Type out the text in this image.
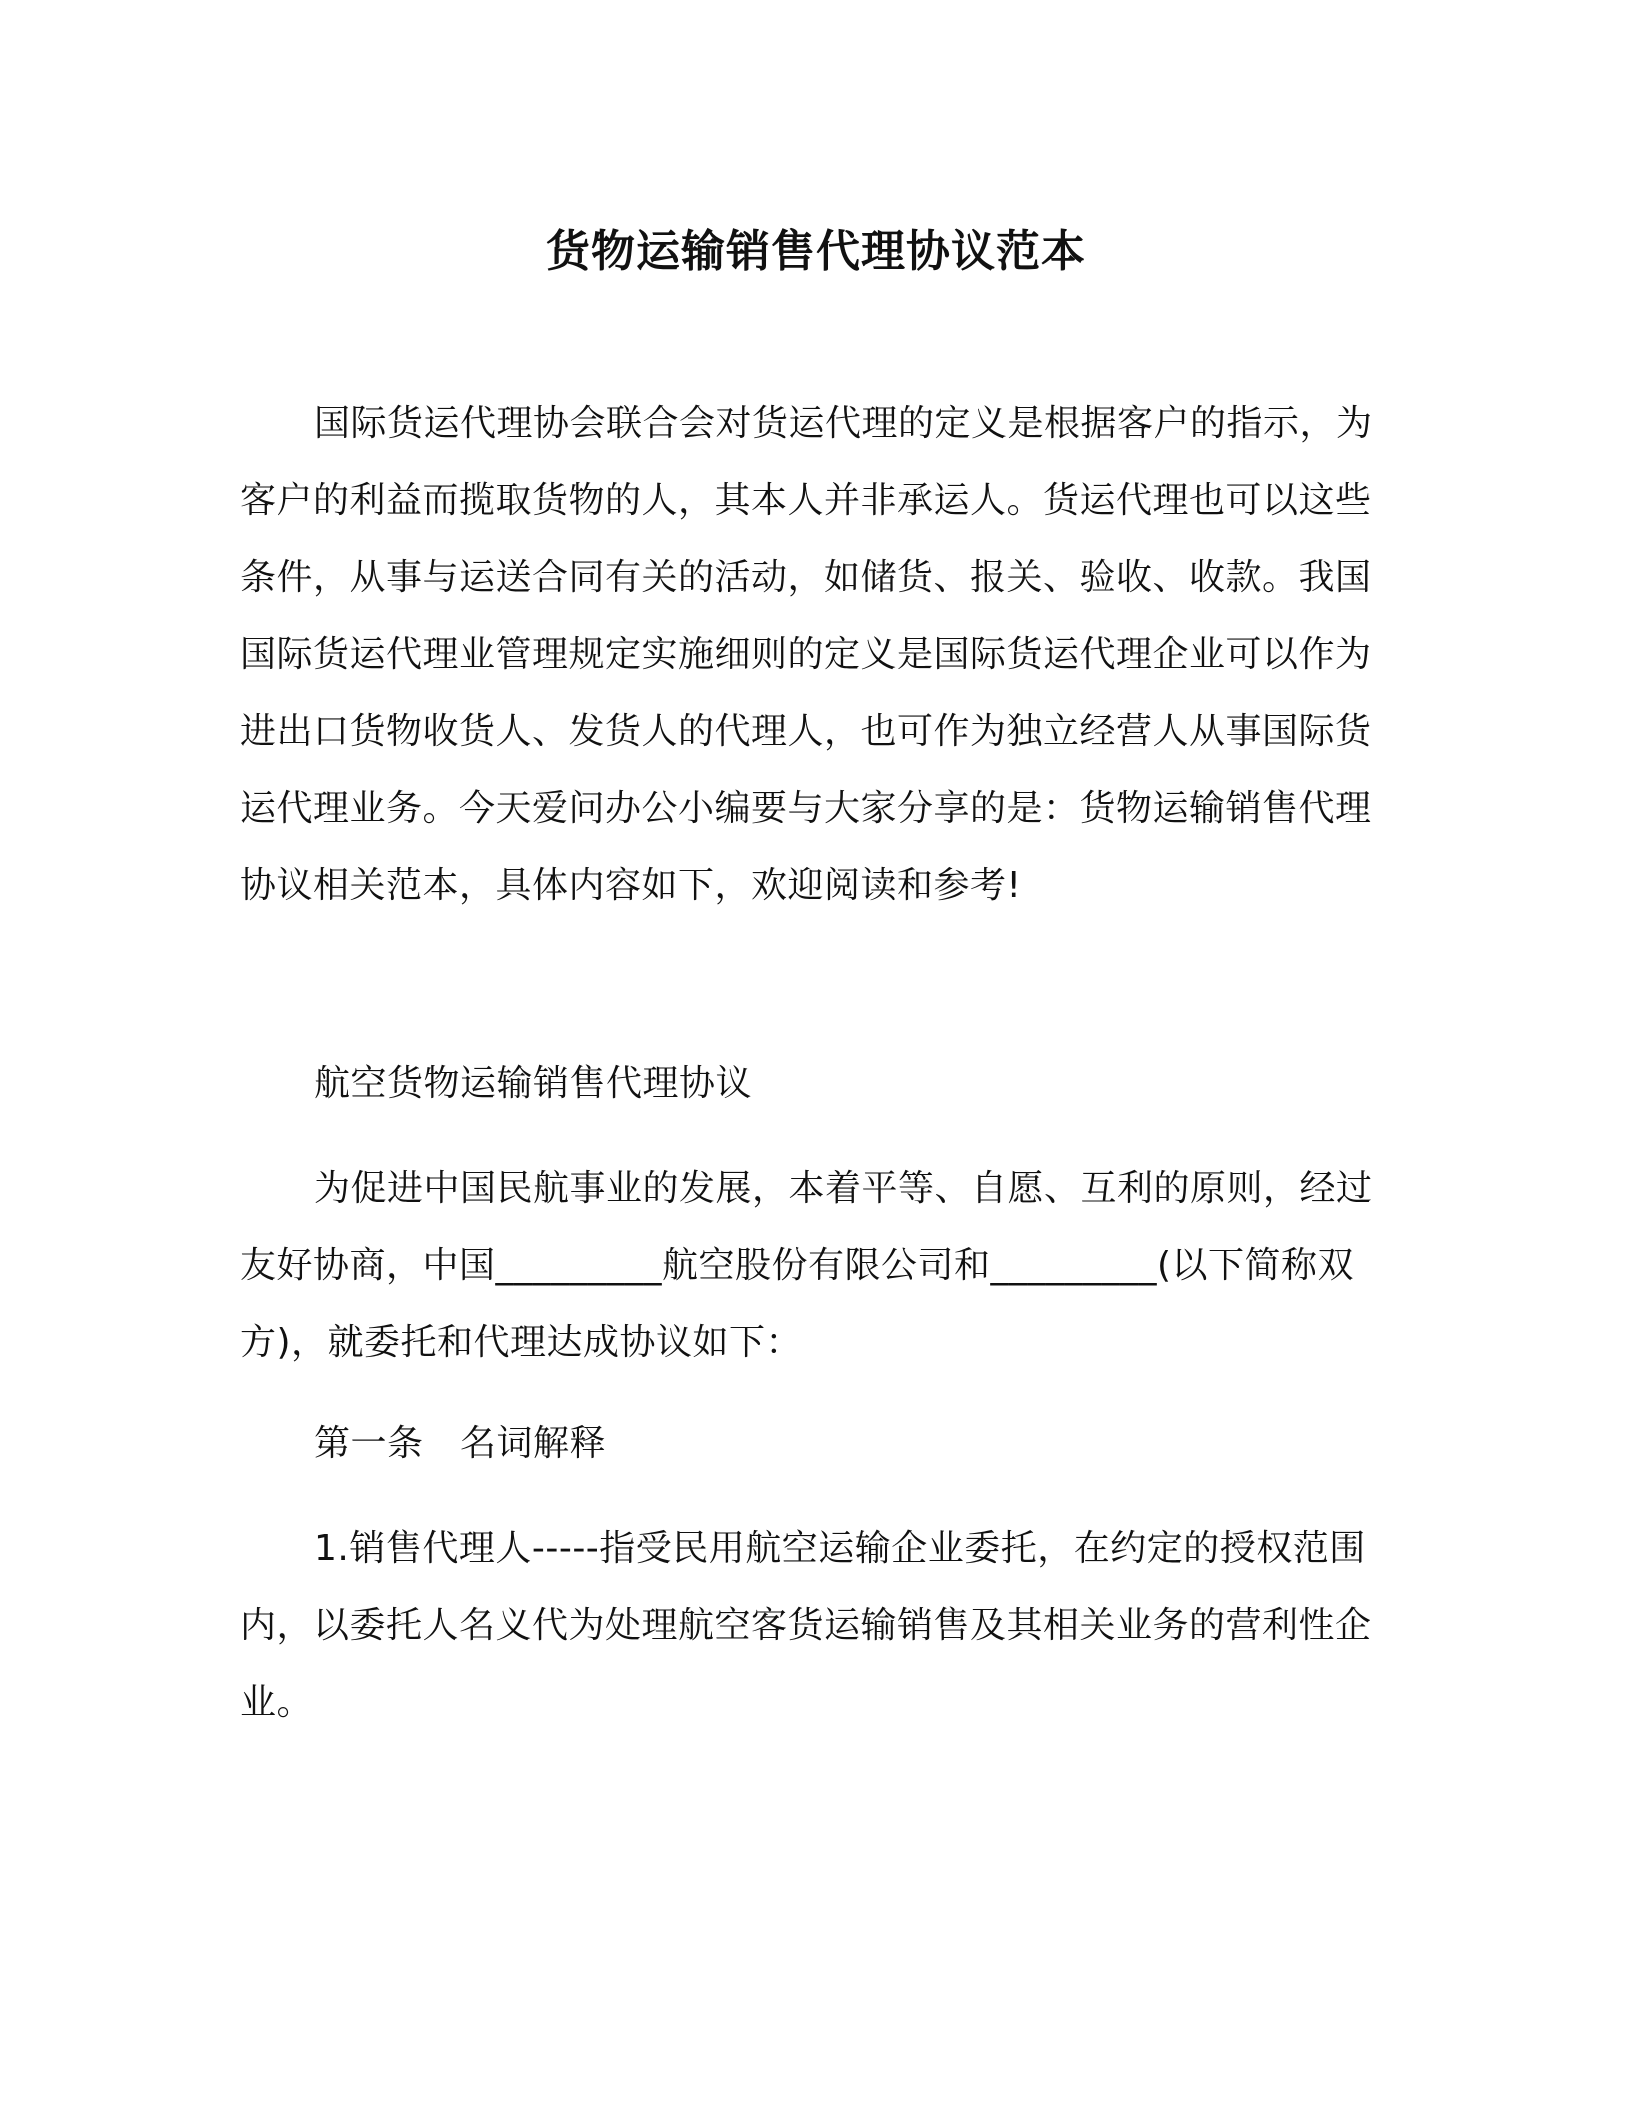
货物运输销售代理协议范本
国际货运代理协会联合会对货运代理的定义是根据客户的指示，为客户的利益而揽取货物的人，其本人并非承运人。货运代理也可以这些条件，从事与运送合同有关的活动，如储货、报关、验收、收款。我国国际货运代理业管理规定实施细则的定义是国际货运代理企业可以作为进出口货物收货人、发货人的代理人，也可作为独立经营人从事国际货运代理业务。今天爱问办公小编要与大家分享的是：货物运输销售代理协议相关范本，具体内容如下，欢迎阅读和参考!
航空货物运输销售代理协议
为促进中国民航事业的发展，本着平等、自愿、互利的原则，经过友好协商，中国_________航空股份有限公司和_________(以下简称双方)，就委托和代理达成协议如下：
第一条　名词解释
1.销售代理人-----指受民用航空运输企业委托，在约定的授权范围内，以委托人名义代为处理航空客货运输销售及其相关业务的营利性企业。
